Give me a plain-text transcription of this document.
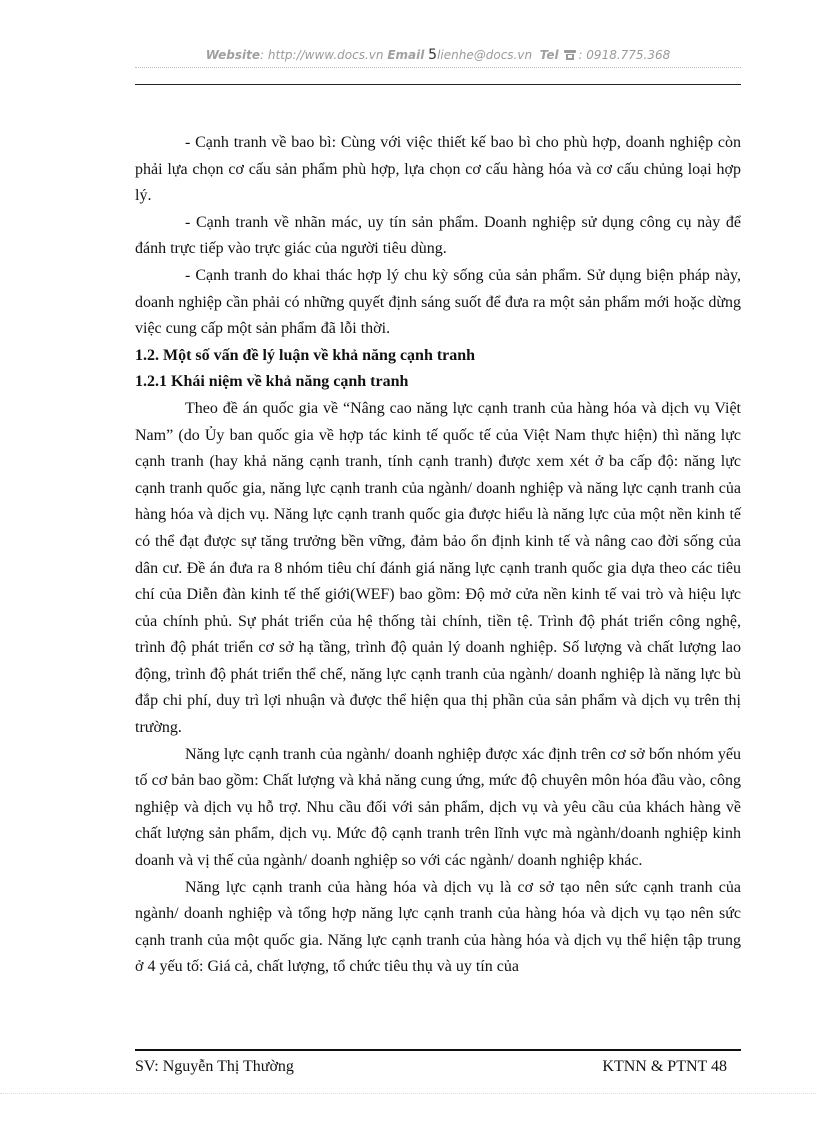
Website: http://www.docs.vn Email 5lienhe@docs.vn Tel : 0918.775.368

- Cạnh tranh về bao bì: Cùng với việc thiết kế bao bì cho phù hợp, doanh nghiệp còn phải lựa chọn cơ cấu sản phẩm phù hợp, lựa chọn cơ cấu hàng hóa và cơ cấu chủng loại hợp lý.

- Cạnh tranh về nhãn mác, uy tín sản phẩm. Doanh nghiệp sử dụng công cụ này để đánh trực tiếp vào trực giác của người tiêu dùng.

- Cạnh tranh do khai thác hợp lý chu kỳ sống của sản phẩm. Sử dụng biện pháp này, doanh nghiệp cần phải có những quyết định sáng suốt để đưa ra một sản phẩm mới hoặc dừng việc cung cấp một sản phẩm đã lỗi thời.

1.2. Một số vấn đề lý luận về khả năng cạnh tranh
1.2.1 Khái niệm về khả năng cạnh tranh

Theo đề án quốc gia về “Nâng cao năng lực cạnh tranh của hàng hóa và dịch vụ Việt Nam” (do Ủy ban quốc gia về hợp tác kinh tế quốc tế của Việt Nam thực hiện) thì năng lực cạnh tranh (hay khả năng cạnh tranh, tính cạnh tranh) được xem xét ở ba cấp độ: năng lực cạnh tranh quốc gia, năng lực cạnh tranh của ngành/ doanh nghiệp và năng lực cạnh tranh của hàng hóa và dịch vụ. Năng lực cạnh tranh quốc gia được hiểu là năng lực của một nền kinh tế có thể đạt được sự tăng trưởng bền vững, đảm bảo ổn định kinh tế và nâng cao đời sống của dân cư. Đề án đưa ra 8 nhóm tiêu chí đánh giá năng lực cạnh tranh quốc gia dựa theo các tiêu chí của Diễn đàn kinh tế thế giới(WEF) bao gồm: Độ mở cửa nền kinh tế vai trò và hiệu lực của chính phủ. Sự phát triển của hệ thống tài chính, tiền tệ. Trình độ phát triển công nghệ, trình độ phát triển cơ sở hạ tầng, trình độ quản lý doanh nghiệp. Số lượng và chất lượng lao động, trình độ phát triển thể chế, năng lực cạnh tranh của ngành/ doanh nghiệp là năng lực bù đắp chi phí, duy trì lợi nhuận và được thể hiện qua thị phần của sản phẩm và dịch vụ trên thị trường.

Năng lực cạnh tranh của ngành/ doanh nghiệp được xác định trên cơ sở bốn nhóm yếu tố cơ bản bao gồm: Chất lượng và khả năng cung ứng, mức độ chuyên môn hóa đầu vào, công nghiệp và dịch vụ hỗ trợ. Nhu cầu đối với sản phẩm, dịch vụ và yêu cầu của khách hàng về chất lượng sản phẩm, dịch vụ. Mức độ cạnh tranh trên lĩnh vực mà ngành/doanh nghiệp kinh doanh và vị thế của ngành/ doanh nghiệp so với các ngành/ doanh nghiệp khác.

Năng lực cạnh tranh của hàng hóa và dịch vụ là cơ sở tạo nên sức cạnh tranh của ngành/ doanh nghiệp và tổng hợp năng lực cạnh tranh của hàng hóa và dịch vụ tạo nên sức cạnh tranh của một quốc gia. Năng lực cạnh tranh của hàng hóa và dịch vụ thể hiện tập trung ở 4 yếu tố: Giá cả, chất lượng, tổ chức tiêu thụ và uy tín của

SV: Nguyễn Thị Thường	KTNN & PTNT 48
